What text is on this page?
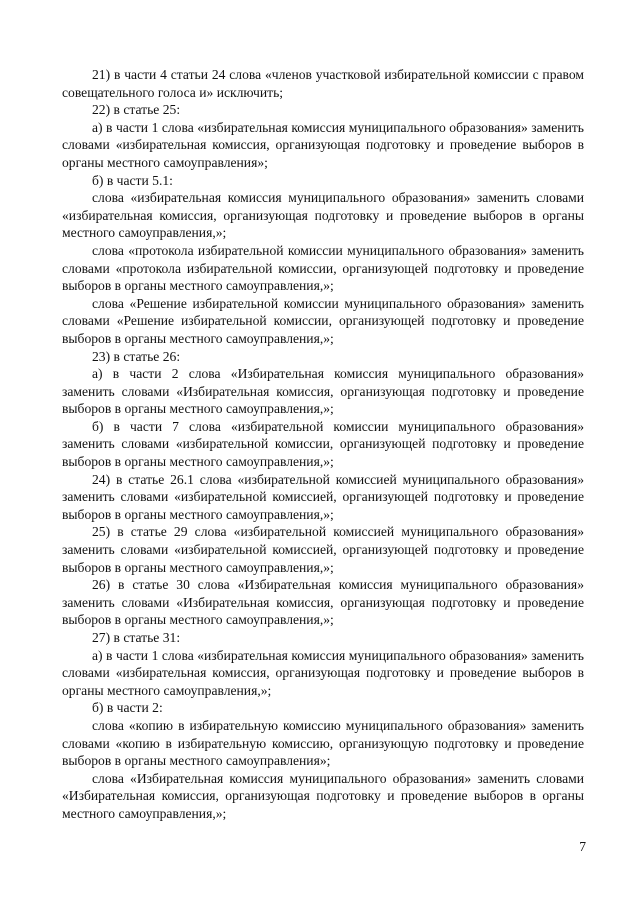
21) в части 4 статьи 24 слова «членов участковой избирательной комиссии с правом совещательного голоса и» исключить;

22) в статье 25:

а) в части 1 слова «избирательная комиссия муниципального образования» заменить словами «избирательная комиссия, организующая подготовку и проведение выборов в органы местного самоуправления»;

б) в части 5.1:

слова «избирательная комиссия муниципального образования» заменить словами «избирательная комиссия, организующая подготовку и проведение выборов в органы местного самоуправления,»;

слова «протокола избирательной комиссии муниципального образования» заменить словами «протокола избирательной комиссии, организующей подготовку и проведение выборов в органы местного самоуправления,»;

слова «Решение избирательной комиссии муниципального образования» заменить словами «Решение избирательной комиссии, организующей подготовку и проведение выборов в органы местного самоуправления,»;

23) в статье 26:

а) в части 2 слова «Избирательная комиссия муниципального образования» заменить словами «Избирательная комиссия, организующая подготовку и проведение выборов в органы местного самоуправления,»;

б) в части 7 слова «избирательной комиссии муниципального образования» заменить словами «избирательной комиссии, организующей подготовку и проведение выборов в органы местного самоуправления,»;

24) в статье 26.1 слова «избирательной комиссией муниципального образования» заменить словами «избирательной комиссией, организующей подготовку и проведение выборов в органы местного самоуправления,»;

25) в статье 29 слова «избирательной комиссией муниципального образования» заменить словами «избирательной комиссией, организующей подготовку и проведение выборов в органы местного самоуправления,»;

26) в статье 30 слова «Избирательная комиссия муниципального образования» заменить словами «Избирательная комиссия, организующая подготовку и проведение выборов в органы местного самоуправления,»;

27) в статье 31:

а) в части 1 слова «избирательная комиссия муниципального образования» заменить словами «избирательная комиссия, организующая подготовку и проведение выборов в органы местного самоуправления,»;

б) в части 2:

слова «копию в избирательную комиссию муниципального образования» заменить словами «копию в избирательную комиссию, организующую подготовку и проведение выборов в органы местного самоуправления»;

слова «Избирательная комиссия муниципального образования» заменить словами «Избирательная комиссия, организующая подготовку и проведение выборов в органы местного самоуправления,»;

7
